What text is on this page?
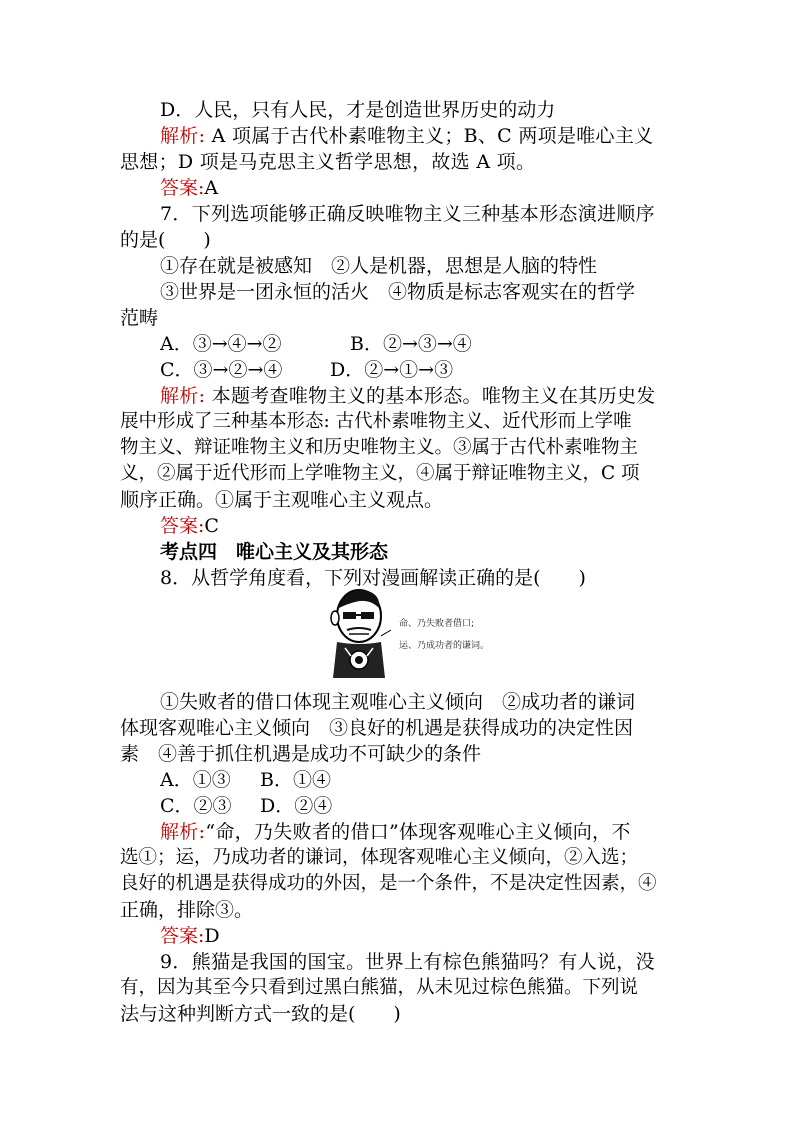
D．人民，只有人民，才是创造世界历史的动力
解析: A 项属于古代朴素唯物主义；B、C 两项是唯心主义
思想；D 项是马克思主义哲学思想，故选 A 项。
答案:A
7．下列选项能够正确反映唯物主义三种基本形态演进顺序
的是(　　)
①存在就是被感知　②人是机器，思想是人脑的特性
③世界是一团永恒的活火　④物质是标志客观实在的哲学
范畴
A．③→④→②	B．②→③→④
C．③→②→④	D．②→①→③
解析: 本题考查唯物主义的基本形态。唯物主义在其历史发
展中形成了三种基本形态: 古代朴素唯物主义、近代形而上学唯
物主义、辩证唯物主义和历史唯物主义。③属于古代朴素唯物主
义，②属于近代形而上学唯物主义，④属于辩证唯物主义，C 项
顺序正确。①属于主观唯心主义观点。
答案:C
考点四　唯心主义及其形态
8．从哲学角度看，下列对漫画解读正确的是(　　)
命、乃失败者借口;
运、乃成功者的谦词。
①失败者的借口体现主观唯心主义倾向　②成功者的谦词
体现客观唯心主义倾向　③良好的机遇是获得成功的决定性因
素　④善于抓住机遇是成功不可缺少的条件
A．①③ B．①④
C．②③ D．②④
解析:“命，乃失败者的借口”体现客观唯心主义倾向，不
选①；运，乃成功者的谦词，体现客观唯心主义倾向，②入选；
良好的机遇是获得成功的外因，是一个条件，不是决定性因素，④
正确，排除③。
答案:D
9．熊猫是我国的国宝。世界上有棕色熊猫吗？有人说，没
有，因为其至今只看到过黑白熊猫，从未见过棕色熊猫。下列说
法与这种判断方式一致的是(　　)
